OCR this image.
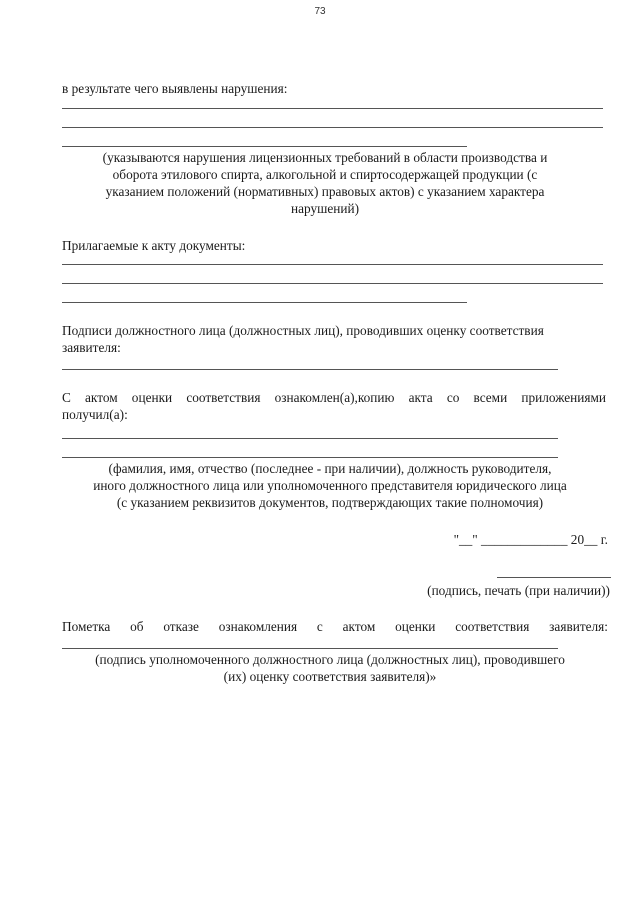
73
в результате чего выявлены нарушения:
(указываются нарушения лицензионных требований в области производства и
оборота этилового спирта, алкогольной и спиртосодержащей продукции (с
указанием положений (нормативных) правовых актов) с указанием характера
нарушений)
Прилагаемые к акту документы:
Подписи должностного лица (должностных лиц), проводивших оценку соответствия
заявителя:
С актом оценки соответствия ознакомлен(а),копию акта со всеми приложениями
получил(а):
(фамилия, имя, отчество (последнее - при наличии), должность руководителя,
иного должностного лица или уполномоченного представителя юридического лица
(с указанием реквизитов документов, подтверждающих такие полномочия)
"__" _____________ 20__ г.
(подпись, печать (при наличии))
Пометка об отказе ознакомления с актом оценки соответствия заявителя:
(подпись уполномоченного должностного лица (должностных лиц), проводившего
(их) оценку соответствия заявителя)»
